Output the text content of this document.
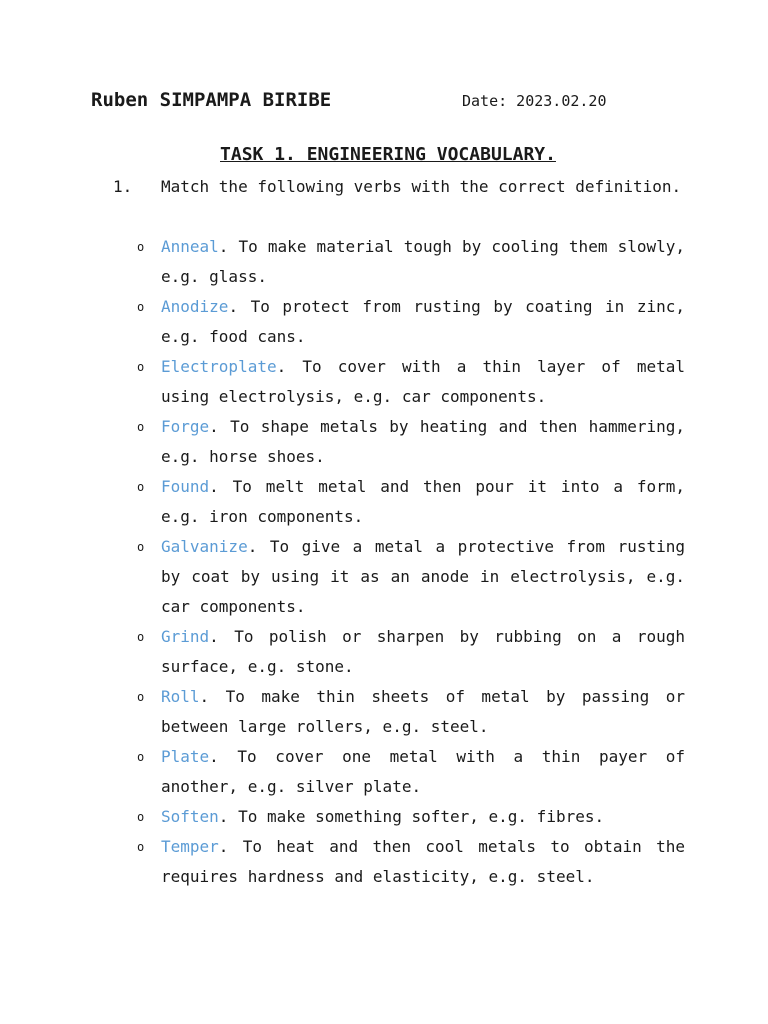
Ruben SIMPAMPA BIRIBE	Date: 2023.02.20
TASK 1. ENGINEERING VOCABULARY.
1. Match the following verbs with the correct definition.
o Anneal. To make material tough by cooling them slowly, e.g. glass.
o Anodize. To protect from rusting by coating in zinc, e.g. food cans.
o Electroplate. To cover with a thin layer of metal using electrolysis, e.g. car components.
o Forge. To shape metals by heating and then hammering, e.g. horse shoes.
o Found. To melt metal and then pour it into a form, e.g. iron components.
o Galvanize. To give a metal a protective from rusting by coat by using it as an anode in electrolysis, e.g. car components.
o Grind. To polish or sharpen by rubbing on a rough surface, e.g. stone.
o Roll. To make thin sheets of metal by passing or between large rollers, e.g. steel.
o Plate. To cover one metal with a thin payer of another, e.g. silver plate.
o Soften. To make something softer, e.g. fibres.
o Temper. To heat and then cool metals to obtain the requires hardness and elasticity, e.g. steel.
